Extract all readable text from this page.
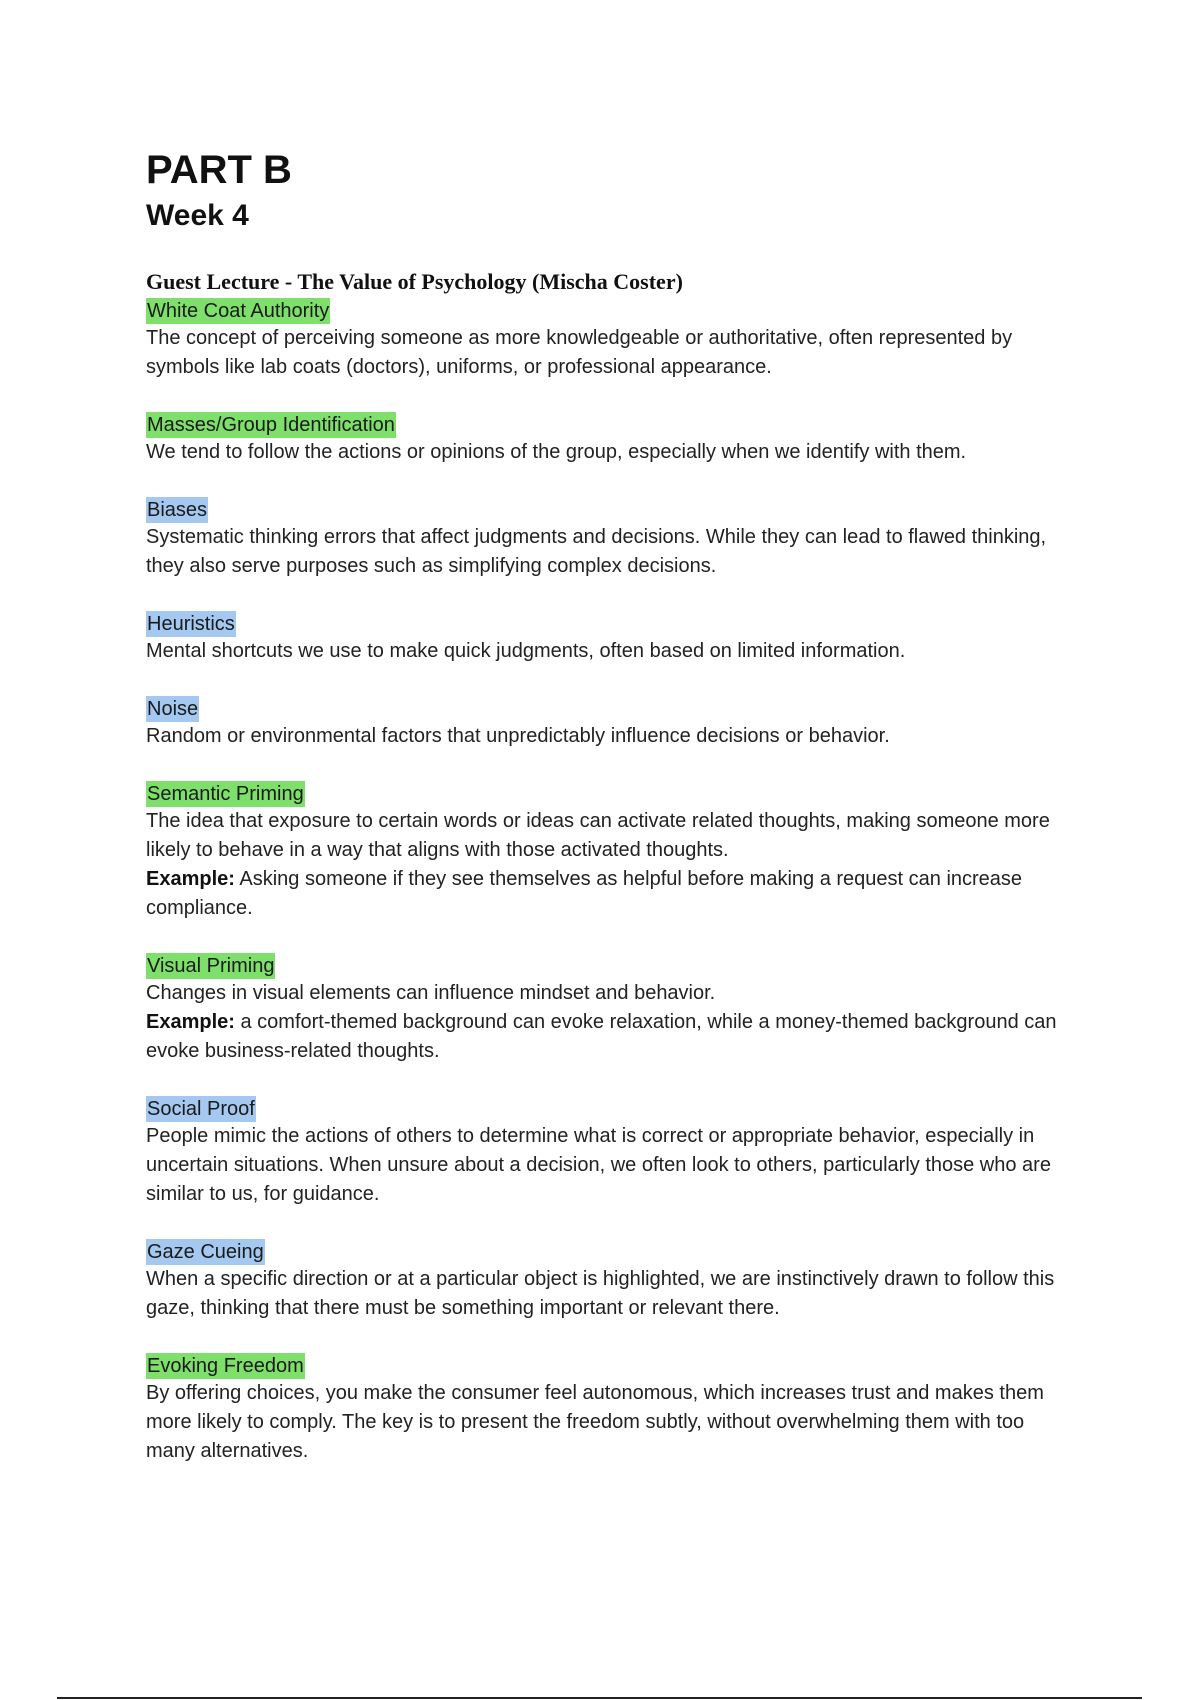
PART B
Week 4
Guest Lecture - The Value of Psychology (Mischa Coster)
White Coat Authority

The concept of perceiving someone as more knowledgeable or authoritative, often represented by symbols like lab coats (doctors), uniforms, or professional appearance.

Masses/Group Identification

We tend to follow the actions or opinions of the group, especially when we identify with them.

Biases

Systematic thinking errors that affect judgments and decisions. While they can lead to flawed thinking, they also serve purposes such as simplifying complex decisions.

Heuristics

Mental shortcuts we use to make quick judgments, often based on limited information.

Noise

Random or environmental factors that unpredictably influence decisions or behavior.

Semantic Priming

The idea that exposure to certain words or ideas can activate related thoughts, making someone more likely to behave in a way that aligns with those activated thoughts.

Example: Asking someone if they see themselves as helpful before making a request can increase compliance.

Visual Priming

Changes in visual elements can influence mindset and behavior.

Example: a comfort-themed background can evoke relaxation, while a money-themed background can evoke business-related thoughts.

Social Proof

People mimic the actions of others to determine what is correct or appropriate behavior, especially in uncertain situations. When unsure about a decision, we often look to others, particularly those who are similar to us, for guidance.

Gaze Cueing

When a specific direction or at a particular object is highlighted, we are instinctively drawn to follow this gaze, thinking that there must be something important or relevant there.

Evoking Freedom

By offering choices, you make the consumer feel autonomous, which increases trust and makes them more likely to comply. The key is to present the freedom subtly, without overwhelming them with too many alternatives.
